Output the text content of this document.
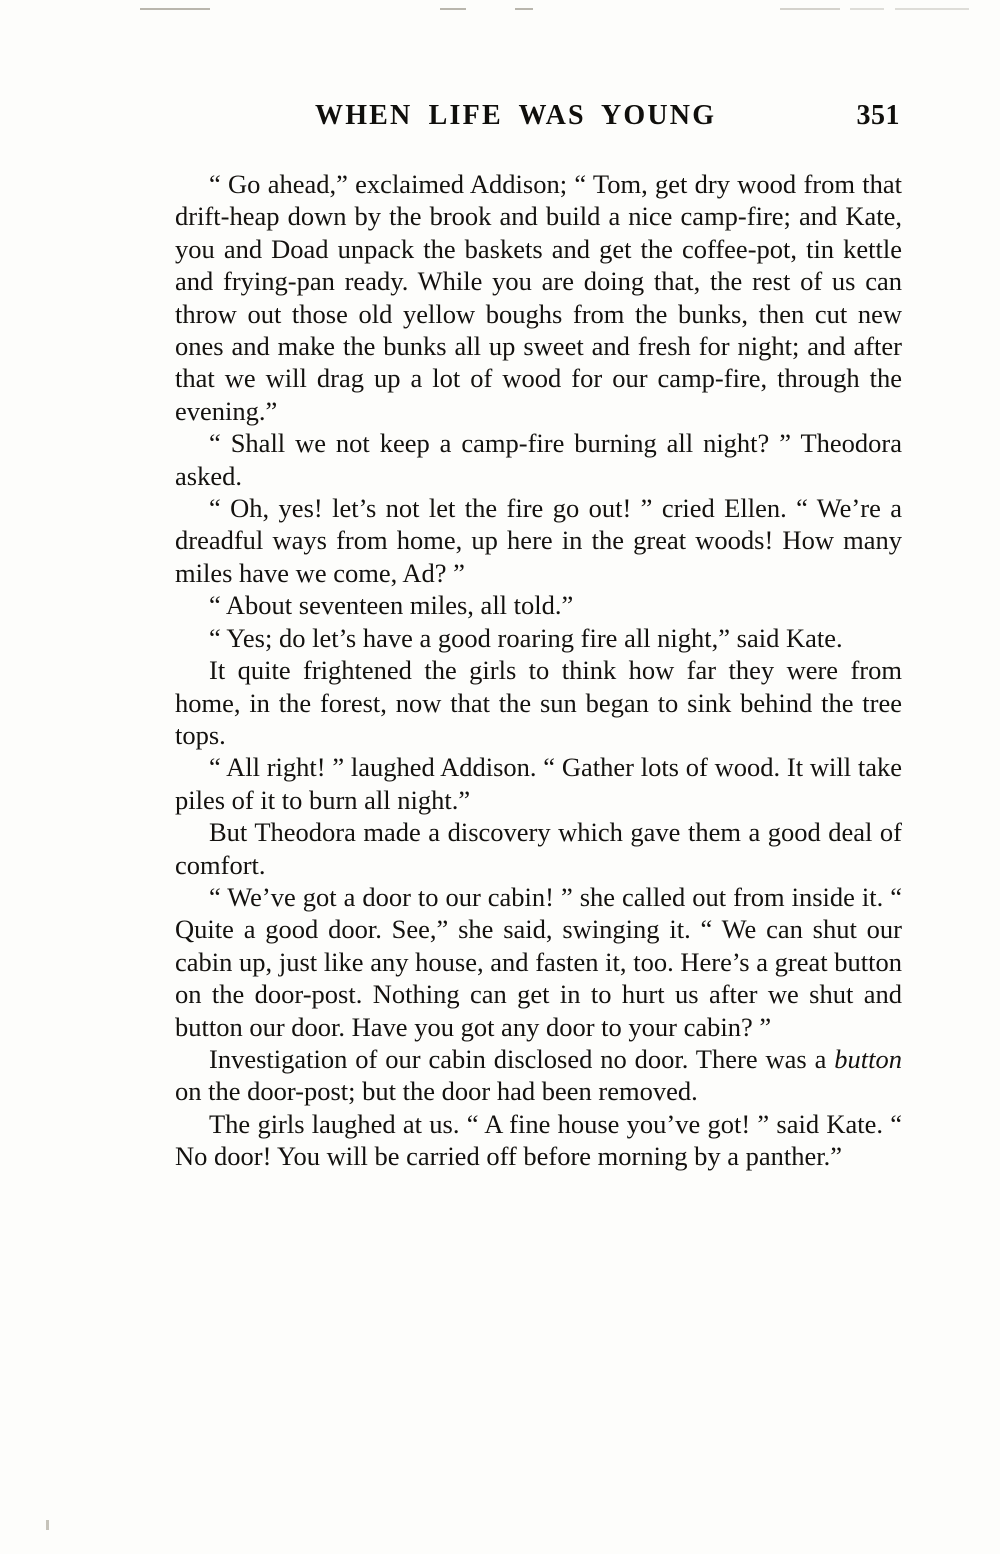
WHEN LIFE WAS YOUNG	351

“ Go ahead,” exclaimed Addison; “ Tom, get dry wood from that drift-heap down by the brook and build a nice camp-fire; and Kate, you and Doad unpack the baskets and get the coffee-pot, tin kettle and frying-pan ready. While you are doing that, the rest of us can throw out those old yellow boughs from the bunks, then cut new ones and make the bunks all up sweet and fresh for night; and after that we will drag up a lot of wood for our camp-fire, through the evening.”

“ Shall we not keep a camp-fire burning all night? ” Theodora asked.

“ Oh, yes! let’s not let the fire go out! ” cried Ellen. “ We’re a dreadful ways from home, up here in the great woods! How many miles have we come, Ad? ”

“ About seventeen miles, all told.”

“ Yes; do let’s have a good roaring fire all night,” said Kate.

It quite frightened the girls to think how far they were from home, in the forest, now that the sun began to sink behind the tree tops.

“ All right! ” laughed Addison. “ Gather lots of wood. It will take piles of it to burn all night.”

But Theodora made a discovery which gave them a good deal of comfort.

“ We’ve got a door to our cabin! ” she called out from inside it. “ Quite a good door. See,” she said, swinging it. “ We can shut our cabin up, just like any house, and fasten it, too. Here’s a great button on the door-post. Nothing can get in to hurt us after we shut and button our door. Have you got any door to your cabin? ”

Investigation of our cabin disclosed no door. There was a button on the door-post; but the door had been removed.

The girls laughed at us. “ A fine house you’ve got! ” said Kate. “ No door! You will be carried off before morning by a panther.”
